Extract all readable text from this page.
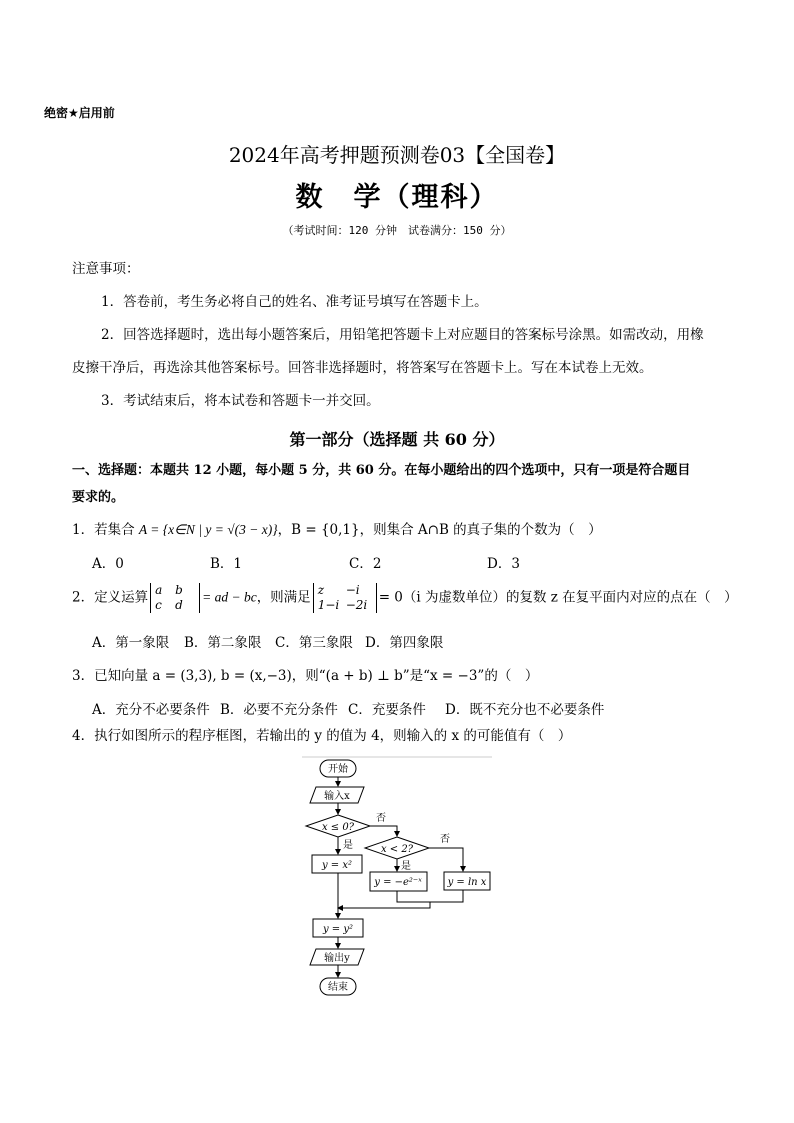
绝密★启用前
2024年高考押题预测卷03【全国卷】
数　学（理科）
（考试时间：120 分钟　试卷满分：150 分）
注意事项：
1．答卷前，考生务必将自己的姓名、准考证号填写在答题卡上。
2．回答选择题时，选出每小题答案后，用铅笔把答题卡上对应题目的答案标号涂黑。如需改动，用橡
皮擦干净后，再选涂其他答案标号。回答非选择题时，将答案写在答题卡上。写在本试卷上无效。
3．考试结束后，将本试卷和答题卡一并交回。
第一部分（选择题 共 60 分）
一、选择题：本题共 12 小题，每小题 5 分，共 60 分。在每小题给出的四个选项中，只有一项是符合题目
要求的。
1．若集合 A = {x∈N | y = √(3 − x)}，B = {0,1}，则集合 A∩B 的真子集的个数为（　）
A．0	B．1	C．2	D．3
2．定义运算 a b
c d= ad − bc，则满足 z −i
1−i −2i = 0（i 为虚数单位）的复数 z 在复平面内对应的点在（　）
A．第一象限 B．第二象限 C．第三象限 D．第四象限
3．已知向量 a = (3,3), b = (x,−3)，则“(a + b) ⊥ b”是“x = −3”的（　）
A．充分不必要条件 B．必要不充分条件 C．充要条件 D．既不充分也不必要条件
4．执行如图所示的程序框图，若输出的 y 的值为 4，则输入的 x 的可能值有（　）
开始
输入x
x ≤ 0?
否
是
y = x²
x < 2?
否
是
y = −e²⁻ˣ	y = ln x
y = y²
输出y
结束
